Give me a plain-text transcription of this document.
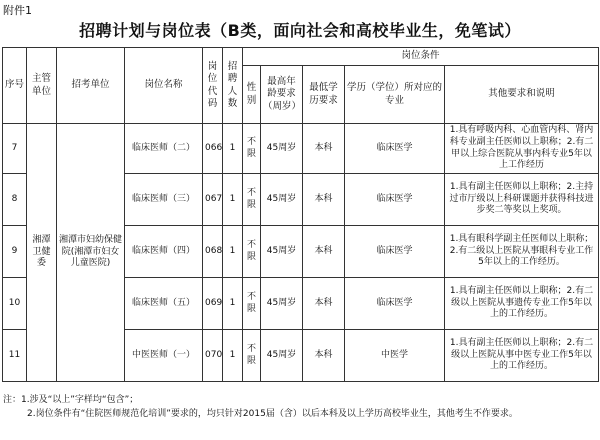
附件1
招聘计划与岗位表（B类，面向社会和高校毕业生，免笔试）
序号	主管单位	招考单位	岗位名称	岗位代码	招聘人数	岗位条件				
						性别	最高年龄要求（周岁）	最低学历要求	学历（学位）所对应的专业	其他要求和说明
7	湘潭卫健委	湘潭市妇幼保健院(湘潭市妇女儿童医院)	临床医师（二）	066	1	不限	45周岁	本科	临床医学	1.具有呼吸内科、心血管内科、肾内科专业副主任医师以上职称；2.有二甲以上综合医院从事内科专业5年以上工作经历
8			临床医师（三）	067	1	不限	45周岁	本科	临床医学	1.具有副主任医师以上职称；2.主持过市厅级以上科研课题并获得科技进步奖二等奖以上奖项。
9			临床医师（四）	068	1	不限	45周岁	本科	临床医学	1.具有眼科学副主任医师以上职称；2.有二级以上医院从事眼科专业工作5年以上的工作经历。
10			临床医师（五）	069	1	不限	45周岁	本科	临床医学	1.具有副主任医师以上职称；2.有二级以上医院从事遗传专业工作5年以上的工作经历。
11			中医医师（一）	070	1	不限	45周岁	本科	中医学	1.具有副主任医师以上职称；2.有二级以上医院从事中医专业工作5年以上的工作经历。
注：1.涉及“以上”字样均“包含”；
2.岗位条件有“住院医师规范化培训”要求的，均只针对2015届（含）以后本科及以上学历高校毕业生，其他考生不作要求。
